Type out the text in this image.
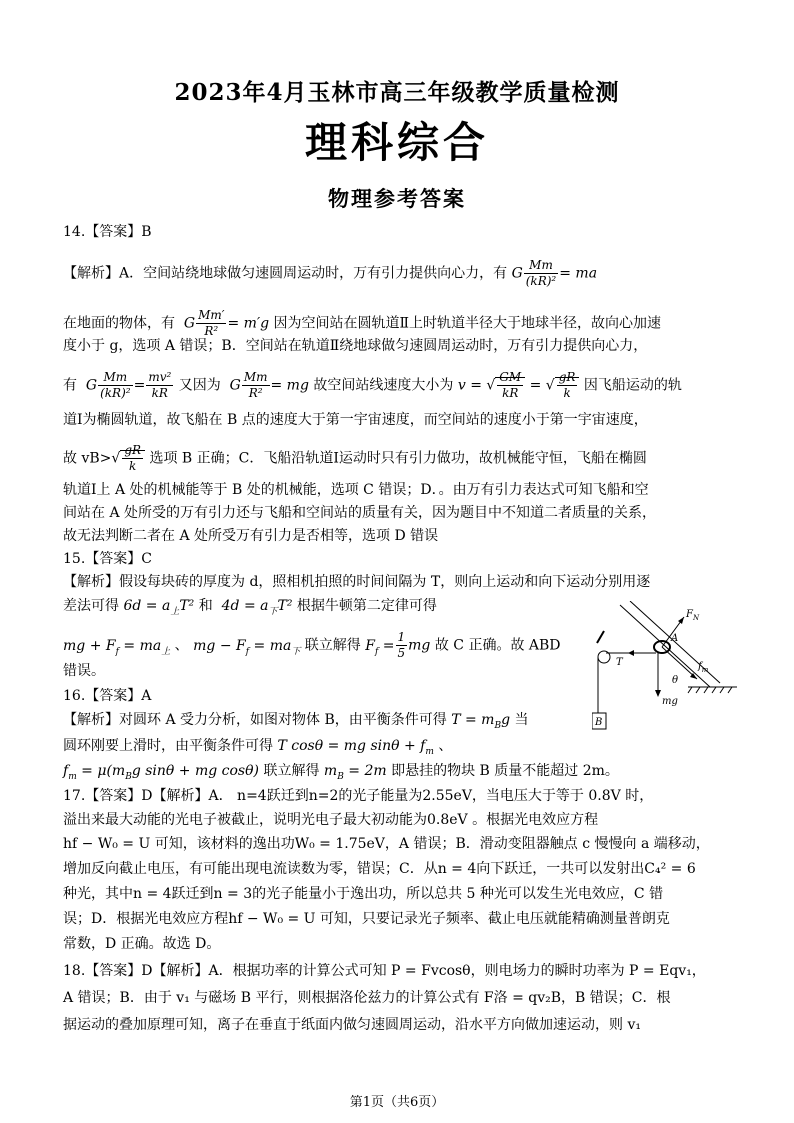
2023年4月玉林市高三年级教学质量检测
理科综合
物理参考答案
14.【答案】B
【解析】A．空间站绕地球做匀速圆周运动时，万有引力提供向心力，有 G $\frac{Mm}{\text{(kR)²}}$ = ma
在地面的物体，有  G $\frac{Mm'}{\text{R²}} = m'g$ 因为空间站在圆轨道Ⅱ上时轨道半径大于地球半径，故向心加速
度小于 g，选项 A 错误；B．空间站在轨道Ⅱ绕地球做匀速圆周运动时，万有引力提供向心力，
有  G $\frac{Mm}{\text{(kR)²}} = \frac{\text{mv²}}{kR}$ 又因为  G $\frac{Mm}{\text{R²}}$ = mg 故空间站线速度大小为 v = √ $\frac{GM}{kR}$ = √ $\frac{gR}{k}$ 因飞船运动的轨
道Ⅰ为椭圆轨道，故飞船在 B 点的速度大于第一宇宙速度，而空间站的速度小于第一宇宙速度，
故 $vB>√ \frac{gR}{k}$ 选项 B 正确；C．飞船沿轨道Ⅰ运动时只有引力做功，故机械能守恒，飞船在椭圆
轨道Ⅰ上 A 处的机械能等于 B 处的机械能，选项 C 错误；D．。由万有引力表达式可知飞船和空
间站在 A 处所受的万有引力还与飞船和空间站的质量有关，因为题目中不知道二者质量的关系，
故无法判断二者在 A 处所受万有引力是否相等，选项 D 错误
15.【答案】C
【解析】假设每块砖的厚度为 d，照相机拍照的时间间隔为 T，则向上运动和向下运动分别用逐
差法可得 $6d = a_上T^2$ 和  $4d = a_下T^2$ 根据牛顿第二定律可得
mg + $F_f = ma_上$ 、 mg − $F_f = ma_下$ 联立解得 $F_f = \frac{1}{5}$ mg 故 C 正确。故 ABD
错误。
16.【答案】A
【解析】对圆环 A 受力分析，如图对物体 B，由平衡条件可得 $T = m_Bg$ 当
圆环刚要上滑时，由平衡条件可得 T cosθ = mg $\sin\theta + f_m$ 、
$f_m = \mu(m_Bg$ sinθ + mg cosθ) 联立解得 $m_B = 2m$ 即悬挂的物块 B 质量不能超过 2m。
$F_N$
A
T	$f_m$
θ
mg
B
17.【答案】D【解析】A． n=4跃迁到n=2的光子能量为2.55eV，当电压大于等于 0.8V 时，
溢出来最大动能的光电子被截止，说明光电子最大初动能为0.8eV 。根据光电效应方程
hf − W₀ = U 可知，该材料的逸出功W₀ = 1.75eV，A 错误；B．滑动变阻器触点 c 慢慢向 a 端移动，
增加反向截止电压，有可能出现电流读数为零，错误；C．从n = 4向下跃迁，一共可以发射出C₄² = 6
种光，其中n = 4跃迁到n = 3的光子能量小于逸出功，所以总共 5 种光可以发生光电效应，C 错
误；D．根据光电效应方程hf − W₀ = U 可知，只要记录光子频率、截止电压就能精确测量普朗克
常数，D 正确。故选 D。
18.【答案】D【解析】A．根据功率的计算公式可知 P = Fvcosθ，则电场力的瞬时功率为 P = Eqv₁，
A 错误；B．由于 v₁ 与磁场 B 平行，则根据洛伦兹力的计算公式有 F洛 = qv₂B，B 错误；C．根
据运动的叠加原理可知，离子在垂直于纸面内做匀速圆周运动，沿水平方向做加速运动，则 v₁
第1页（共6页）
